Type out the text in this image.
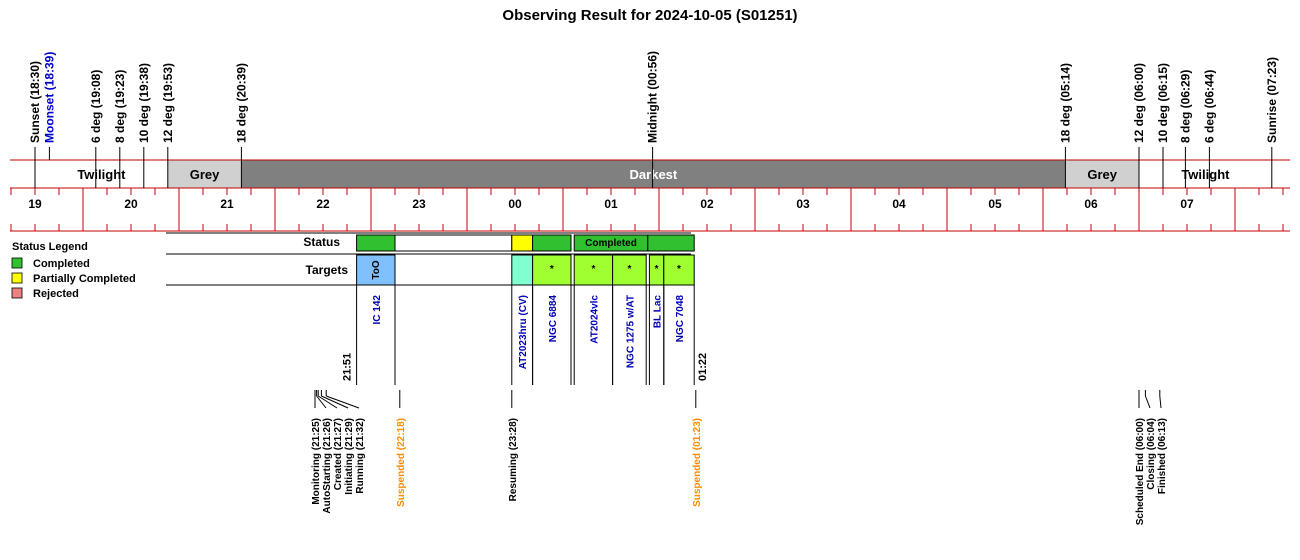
Observing Result for 2024-10-05 (S01251)
Twilight	Grey	Darkest	Grey	Twilight
19	20	21	22	23	00	01	02	03	04	05	06	07
Sunset (18:30) Moonset (18:39)	6 deg (19:08) 8 deg (19:23) 10 deg (19:38) 12 deg (19:53)	18 deg (20:39)	Midnight (00:56)	18 deg (05:14)	12 deg (06:00) 10 deg (06:15) 8 deg (06:29) 6 deg (06:44)	Sunrise (07:23)
Status Legend
Completed
Partially Completed
Rejected
Status
Targets
Completed
ToO
IC 142	AT2023hru (CV)
*
NGC 6884
*
AT2024vlc
*
NGC 1275 w/AT
*
BL Lac
*
NGC 7048
21:51	01:22
Monitoring (21:25) AutoStarting (21:26) Created (21:27) Initiating (21:29) Running (21:32)	Suspended (22:18)	Resuming (23:28)	Suspended (01:23)	Scheduled End (06:00) Closing (06:04) Finished (06:13)
